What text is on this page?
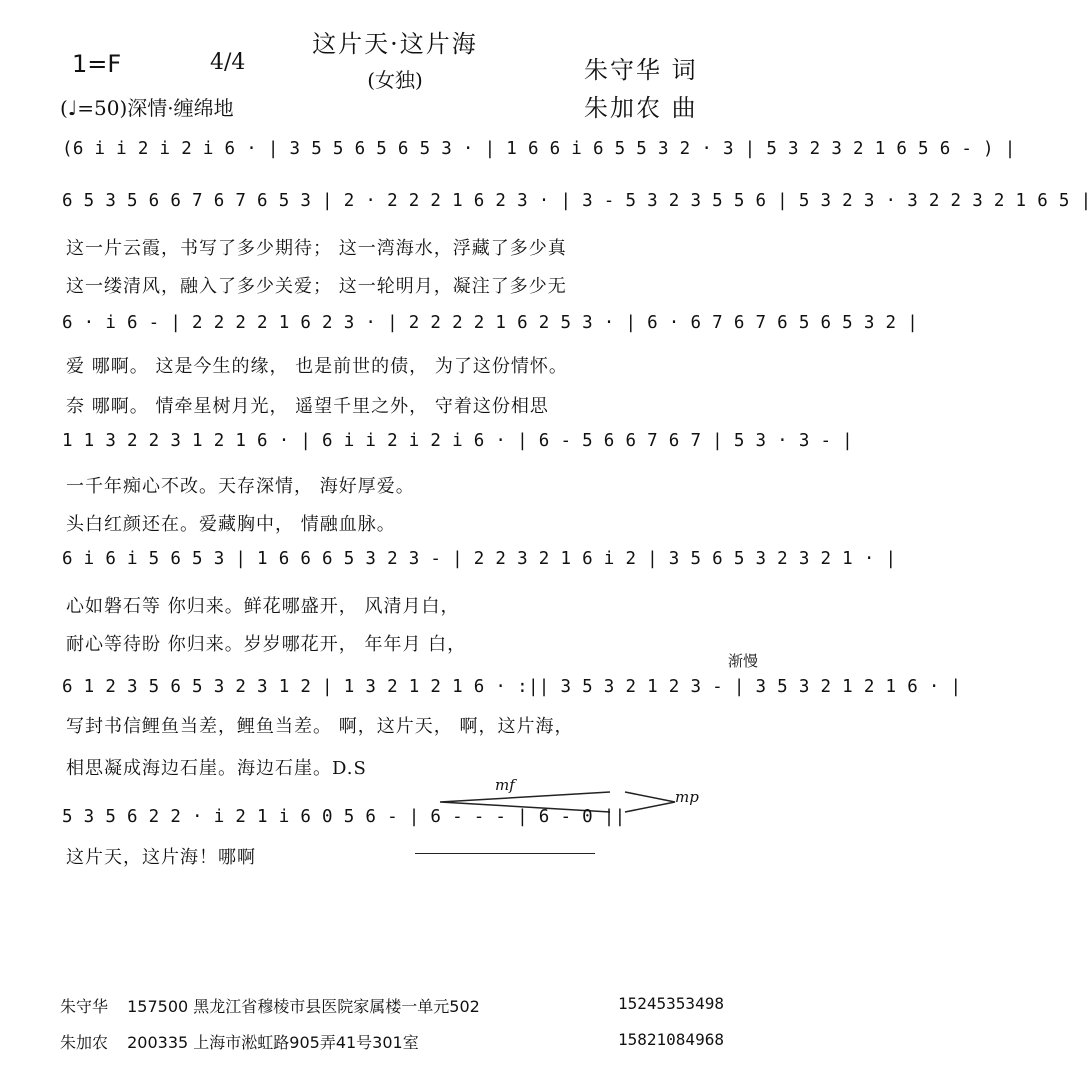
这片天·这片海
(女独)
1=F	4/4
(♩=50)深情·缠绵地
朱守华 词
朱加农 曲
(6 i i 2 i 2 i 6 · | 3 5 5 6 5 6 5 3 · | 1 6 6 i 6 5 5 3 2 · 3 | 5 3 2 3 2 1 6 5 6 - ) |
6 5 3 5 6 6 7 6 7 6 5 3 | 2 · 2 2 2 1 6 2 3 · | 3 - 5 3 2 3 5 5 6 | 5 3 2 3 · 3 2 2 3 2 1 6 5 |
这一片云霞，书写了多少期待； 这一湾海水，浮藏了多少真
这一缕清风，融入了多少关爱； 这一轮明月，凝注了多少无
6 · i 6 - | 2 2 2 2 1 6 2 3 · | 2 2 2 2 1 6 2 5 3 · | 6 · 6 7 6 7 6 5 6 5 3 2 |
爱 哪啊。 这是今生的缘， 也是前世的债， 为了这份情怀。
奈 哪啊。 情牵星树月光， 遥望千里之外， 守着这份相思
1 1 3 2 2 3 1 2 1 6 · | 6 i i 2 i 2 i 6 · | 6 - 5 6 6 7 6 7 | 5 3 · 3 - |
一千年痴心不改。天存深情， 海好厚爱。
头白红颜还在。爱藏胸中， 情融血脉。
6 i 6 i 5 6 5 3 | 1 6 6 6 5 3 2 3 - | 2 2 3 2 1 6 i 2 | 3 5 6 5 3 2 3 2 1 · |
心如磐石等 你归来。鲜花哪盛开， 风清月白，
耐心等待盼 你归来。岁岁哪花开， 年年月 白，
渐慢
6 1 2 3 5 6 5 3 2 3 1 2 | 1 3 2 1 2 1 6 · :|| 3 5 3 2 1 2 3 - | 3 5 3 2 1 2 1 6 · |
写封书信鲤鱼当差，鲤鱼当差。 啊，这片天， 啊，这片海，
相思凝成海边石崖。海边石崖。D.S
mf
mp
5 3 5 6 2 2 · i 2 1 i 6 0 5 6 - | 6 - - - | 6 - 0 ||
这片天，这片海！哪啊
朱守华 157500 黑龙江省穆棱市县医院家属楼一单元502	15245353498
朱加农 200335 上海市淞虹路905弄41号301室	15821084968
